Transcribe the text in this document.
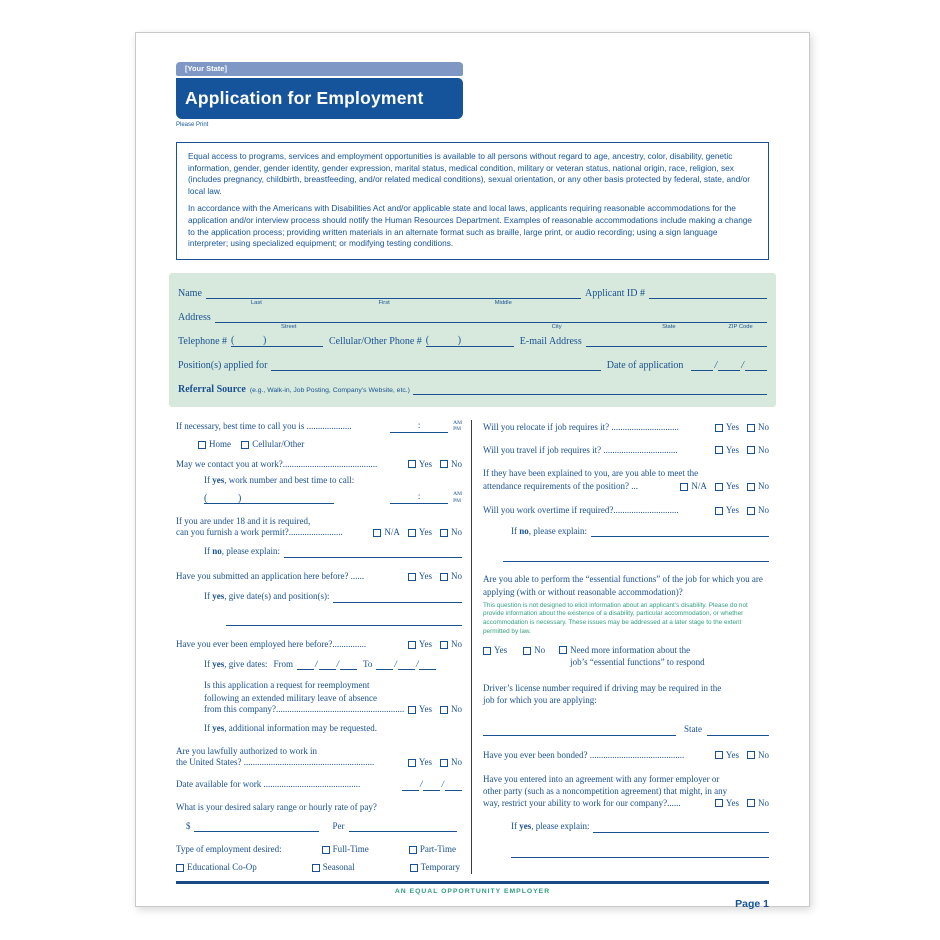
[Your State]
Application for Employment
Please Print

Equal access to programs, services and employment opportunities is available to all persons without regard to age, ancestry, color, disability, genetic information, gender, gender identity, gender expression, marital status, medical condition, military or veteran status, national origin, race, religion, sex (includes pregnancy, childbirth, breastfeeding, and/or related medical conditions), sexual orientation, or any other basis protected by federal, state, and/or local law.

In accordance with the Americans with Disabilities Act and/or applicable state and local laws, applicants requiring reasonable accommodations for the application and/or interview process should notify the Human Resources Department. Examples of reasonable accommodations include making a change to the application process; providing written materials in an alternate format such as braille, large print, or audio recording; using a sign language interpreter; using specialized equipment; or modifying testing conditions.

Name
Last	First	Middle
Applicant ID #
Address
Street	City	State	ZIP Code
Telephone # (	)	Cellular/Other Phone # (	)	E-mail Address
Position(s) applied for	Date of application	/ /
Referral Source (e.g., Walk-in, Job Posting, Company’s Website, etc.)
If necessary, best time to call you is ....................	:	AM
PM
Home
Cellular/Other
May we contact you at work?..........................................	Yes No
If yes, work number and best time to call:
(	)	:	AM
PM
If you are under 18 and it is required,
can you furnish a work permit?........................	N/A Yes No
If no, please explain:
Have you submitted an application here before? ......	Yes No
If yes, give date(s) and position(s):
Have you ever been employed here before?...............	Yes No
If yes, give dates: From / /	To / /
Is this application a request for reemployment
following an extended military leave of absence
from this company?......................................................... Yes No
If yes, additional information may be requested.
Are you lawfully authorized to work in
the United States? ..........................................................	Yes No
Date available for work ...........................................	/ /
What is your desired salary range or hourly rate of pay?
$	Per
Type of employment desired:	Full-Time	Part-Time
Educational Co-Op	Seasonal	Temporary
Will you relocate if job requires it? ..............................	Yes No
Will you travel if job requires it? .................................	Yes No
If they have been explained to you, are you able to meet the
attendance requirements of the position? ...	N/A Yes No
Will you work overtime if required?.............................	Yes No
If no, please explain:
Are you able to perform the “essential functions” of the job for which you are applying (with or without reasonable accommodation)?
This question is not designed to elicit information about an applicant’s disability. Please do not provide information about the existence of a disability, particular accommodation, or whether accommodation is necessary. These issues may be addressed at a later stage to the extent permitted by law.
Yes	No	Need more information about the
job’s “essential functions” to respond
Driver’s license number required if driving may be required in the
job for which you are applying:
State
Have you ever been bonded? ..........................................	Yes No
Have you entered into an agreement with any former employer or
other party (such as a noncompetition agreement) that might, in any
way, restrict your ability to work for our company?......	Yes No
If yes, please explain:
AN EQUAL OPPORTUNITY EMPLOYER
Page 1
